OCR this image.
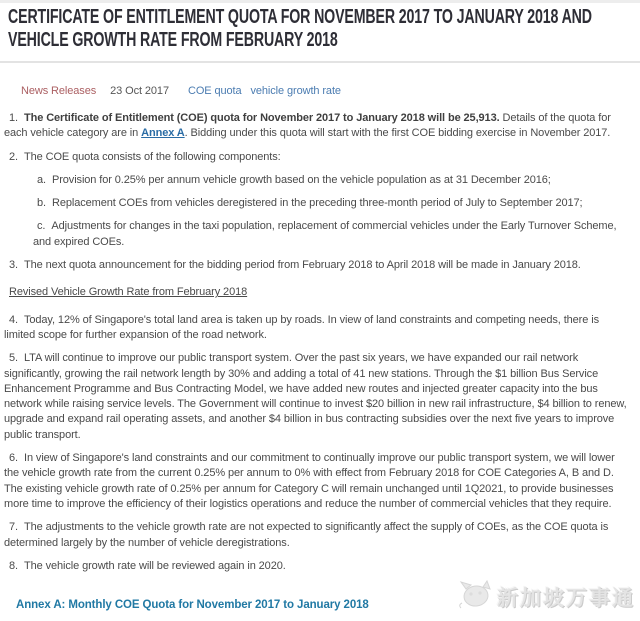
CERTIFICATE OF ENTITLEMENT QUOTA FOR NOVEMBER 2017 TO JANUARY 2018 AND
VEHICLE GROWTH RATE FROM FEBRUARY 2018
News Releases 23 Oct 2017 COE quota vehicle growth rate

1. The Certificate of Entitlement (COE) quota for November 2017 to January 2018 will be 25,913. Details of the quota for each vehicle category are in Annex A. Bidding under this quota will start with the first COE bidding exercise in November 2017.

2. The COE quota consists of the following components:

a. Provision for 0.25% per annum vehicle growth based on the vehicle population as at 31 December 2016;

b. Replacement COEs from vehicles deregistered in the preceding three-month period of July to September 2017;

c. Adjustments for changes in the taxi population, replacement of commercial vehicles under the Early Turnover Scheme, and expired COEs.

3. The next quota announcement for the bidding period from February 2018 to April 2018 will be made in January 2018.

Revised Vehicle Growth Rate from February 2018

4. Today, 12% of Singapore's total land area is taken up by roads. In view of land constraints and competing needs, there is limited scope for further expansion of the road network.

5. LTA will continue to improve our public transport system. Over the past six years, we have expanded our rail network significantly, growing the rail network length by 30% and adding a total of 41 new stations. Through the $1 billion Bus Service Enhancement Programme and Bus Contracting Model, we have added new routes and injected greater capacity into the bus network while raising service levels. The Government will continue to invest $20 billion in new rail infrastructure, $4 billion to renew, upgrade and expand rail operating assets, and another $4 billion in bus contracting subsidies over the next five years to improve public transport.

6. In view of Singapore's land constraints and our commitment to continually improve our public transport system, we will lower the vehicle growth rate from the current 0.25% per annum to 0% with effect from February 2018 for COE Categories A, B and D. The existing vehicle growth rate of 0.25% per annum for Category C will remain unchanged until 1Q2021, to provide businesses more time to improve the efficiency of their logistics operations and reduce the number of commercial vehicles that they require.

7. The adjustments to the vehicle growth rate are not expected to significantly affect the supply of COEs, as the COE quota is determined largely by the number of vehicle deregistrations.

8. The vehicle growth rate will be reviewed again in 2020.

Annex A: Monthly COE Quota for November 2017 to January 2018	新加坡万事通
